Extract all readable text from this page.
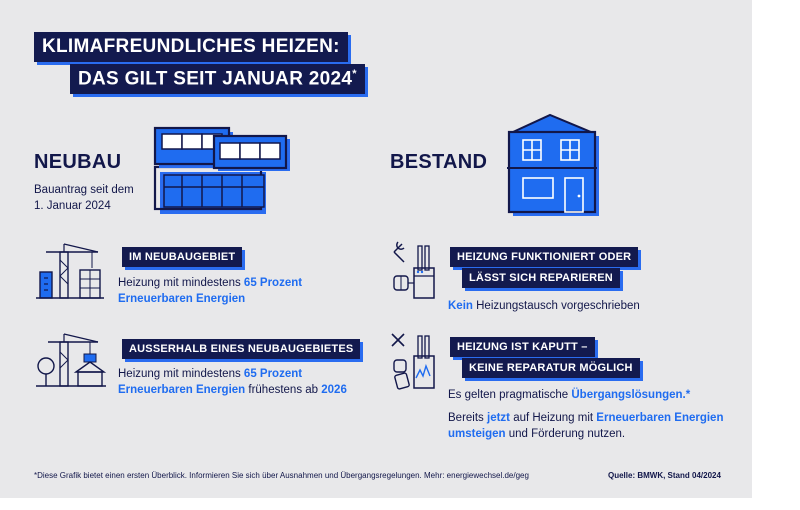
KLIMAFREUNDLICHES HEIZEN:
DAS GILT SEIT JANUAR 2024*
NEUBAU
Bauantrag seit dem
1. Januar 2024
BESTAND
IM NEUBAUGEBIET
Heizung mit mindestens 65 Prozent
Erneuerbaren Energien
AUSSERHALB EINES NEUBAUGEBIETES
Heizung mit mindestens 65 Prozent
Erneuerbaren Energien frühestens ab 2026
HEIZUNG FUNKTIONIERT ODER
LÄSST SICH REPARIEREN
Kein Heizungstausch vorgeschrieben
HEIZUNG IST KAPUTT –
KEINE REPARATUR MÖGLICH
Es gelten pragmatische Übergangslösungen.*
Bereits jetzt auf Heizung mit Erneuerbaren Energien
umsteigen und Förderung nutzen.
*Diese Grafik bietet einen ersten Überblick. Informieren Sie sich über Ausnahmen und Übergangsregelungen. Mehr: energiewechsel.de/geg	Quelle: BMWK, Stand 04/2024
